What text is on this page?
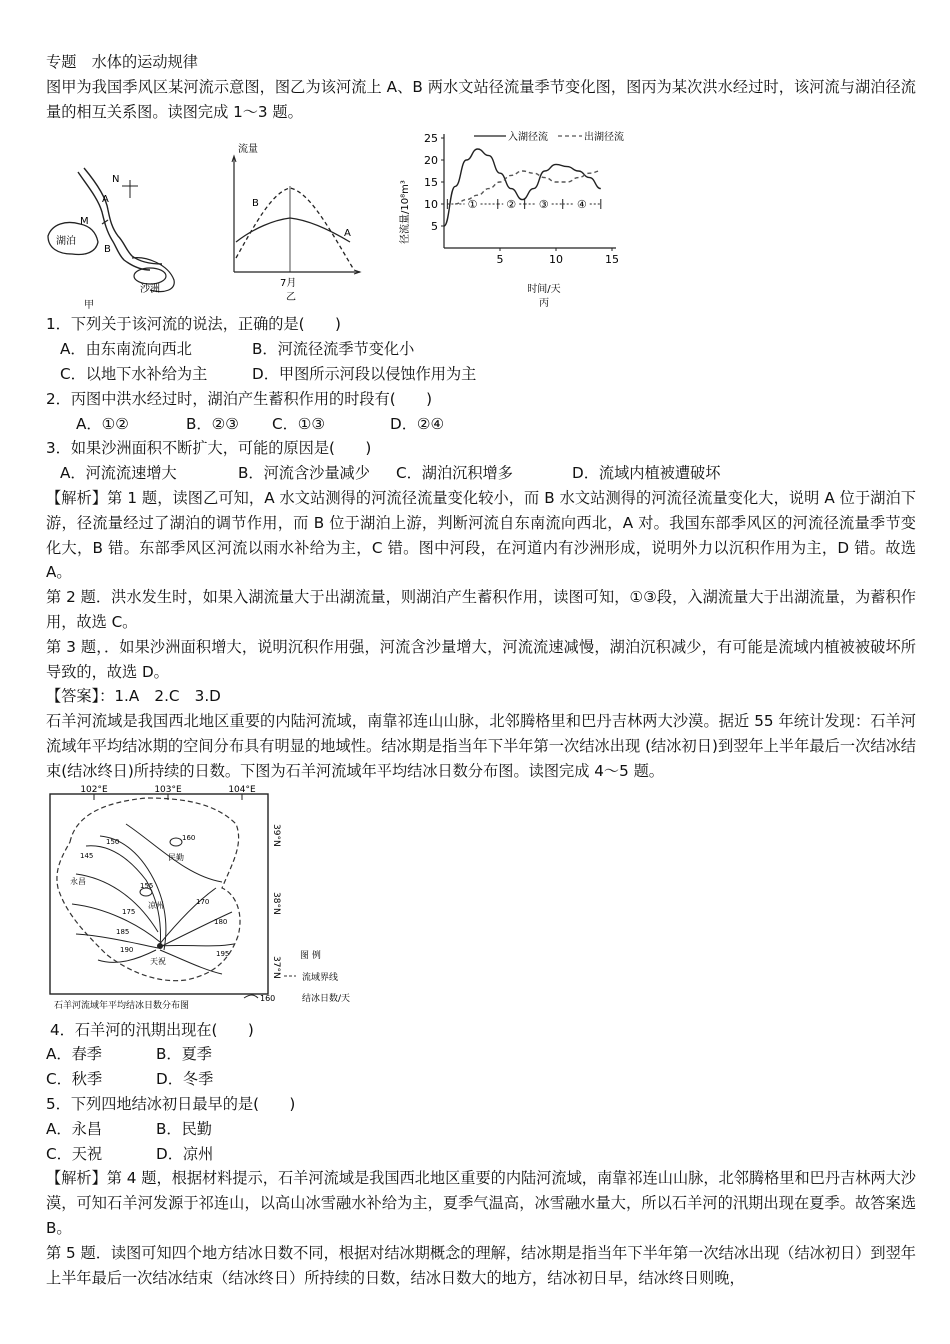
专题　水体的运动规律

图甲为我国季风区某河流示意图，图乙为该河流上 A、B 两水文站径流量季节变化图，图丙为某次洪水经过时，该河流与湖泊径流量的相互关系图。读图完成 1～3 题。

N
A
M
B
湖泊
沙洲
甲
流量
B
A
7月
乙
5
10
15
20
25
5	10	15
①	② ③	④
径流量/10⁸m³
时间/天
丙
入湖径流	出湖径流

1．下列关于该河流的说法，正确的是(　　)

A．由东南流向西北	B．河流径流季节变化小

C．以地下水补给为主	D．甲图所示河段以侵蚀作用为主

2．丙图中洪水经过时，湖泊产生蓄积作用的时段有(　　)

A．①②	B．②③ C．①③	D．②④

3．如果沙洲面积不断扩大，可能的原因是(　　)

A．河流流速增大	B．河流含沙量减少 C．湖泊沉积增多	D．流域内植被遭破坏

【解析】第 1 题，读图乙可知，A 水文站测得的河流径流量变化较小，而 B 水文站测得的河流径流量变化大，说明 A 位于湖泊下游，径流量经过了湖泊的调节作用，而 B 位于湖泊上游，判断河流自东南流向西北，A 对。我国东部季风区的河流径流量季节变化大，B 错。东部季风区河流以雨水补给为主，C 错。图中河段，在河道内有沙洲形成，说明外力以沉积作用为主，D 错。故选 A。

第 2 题．洪水发生时，如果入湖流量大于出湖流量，则湖泊产生蓄积作用，读图可知，①③段，入湖流量大于出湖流量，为蓄积作用，故选 C。

第 3 题，．如果沙洲面积增大，说明沉积作用强，河流含沙量增大，河流流速减慢，湖泊沉积减少，有可能是流域内植被被破坏所导致的，故选 D。

【答案】：1.A　2.C　3.D

石羊河流域是我国西北地区重要的内陆河流域，南靠祁连山山脉，北邻腾格里和巴丹吉林两大沙漠。据近 55 年统计发现：石羊河流域年平均结冰期的空间分布具有明显的地域性。结冰期是指当年下半年第一次结冰出现 (结冰初日)到翌年上半年最后一次结冰结束(结冰终日)所持续的日数。下图为石羊河流域年平均结冰日数分布图。读图完成 4～5 题。

102°E	103°E	104°E
39°N
38°N
37°N
民勤
凉州
永昌
天祝
160
170
180
155
175
185
190	195
150
145
石羊河流域年平均结冰日数分布图
图 例
流域界线
160	结冰日数/天

4．石羊河的汛期出现在(　　)

A．春季	B．夏季

C．秋季	D．冬季

5．下列四地结冰初日最早的是(　　)

A．永昌	B．民勤

C．天祝	D．凉州

【解析】第 4 题，根据材料提示，石羊河流域是我国西北地区重要的内陆河流域，南靠祁连山山脉，北邻腾格里和巴丹吉林两大沙漠，可知石羊河发源于祁连山，以高山冰雪融水补给为主，夏季气温高，冰雪融水量大，所以石羊河的汛期出现在夏季。故答案选 B。

第 5 题．读图可知四个地方结冰日数不同，根据对结冰期概念的理解，结冰期是指当年下半年第一次结冰出现（结冰初日）到翌年上半年最后一次结冰结束（结冰终日）所持续的日数，结冰日数大的地方，结冰初日早，结冰终日则晚，
